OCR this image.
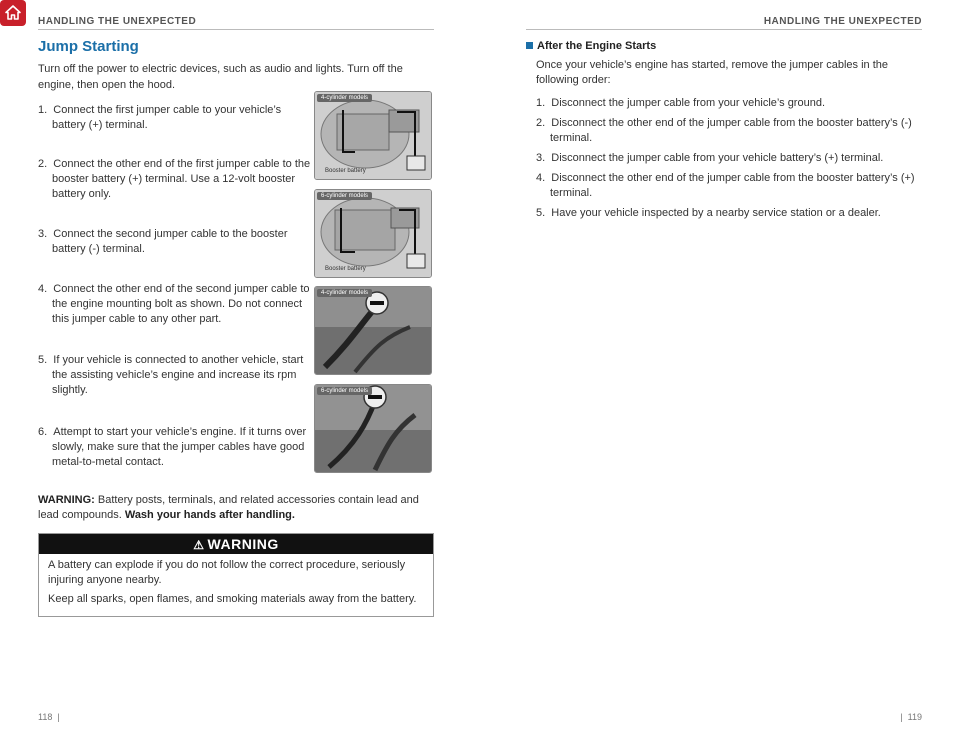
HANDLING THE UNEXPECTED	HANDLING THE UNEXPECTED
Jump Starting

Turn off the power to electric devices, such as audio and lights. Turn off the engine, then open the hood.

1.  Connect the first jumper cable to your vehicle’s battery (+) terminal.
2.  Connect the other end of the first jumper cable to the booster battery (+) terminal. Use a 12-volt booster battery only.
3.  Connect the second jumper cable to the booster battery (-) terminal.
4.  Connect the other end of the second jumper cable to the engine mounting bolt as shown. Do not connect this jumper cable to any other part.
5.  If your vehicle is connected to another vehicle, start the assisting vehicle’s engine and increase its rpm slightly.
6.  Attempt to start your vehicle’s engine. If it turns over slowly, make sure that the jumper cables have good metal-to-metal contact.
4-cylinder models
Booster battery
6-cylinder models
Booster battery
4-cylinder models
6-cylinder models

WARNING: Battery posts, terminals, and related accessories contain lead and lead compounds. Wash your hands after handling.

⚠ WARNING

A battery can explode if you do not follow the correct procedure, seriously injuring anyone nearby.

Keep all sparks, open flames, and smoking materials away from the battery.

After the Engine Starts

Once your vehicle’s engine has started, remove the jumper cables in the following order:

1.  Disconnect the jumper cable from your vehicle’s ground.
2.  Disconnect the other end of the jumper cable from the booster battery’s (-) terminal.
3.  Disconnect the jumper cable from your vehicle battery’s (+) terminal.
4.  Disconnect the other end of the jumper cable from the booster battery’s (+) terminal.
5.  Have your vehicle inspected by a nearby service station or a dealer.
118  |	|  119
